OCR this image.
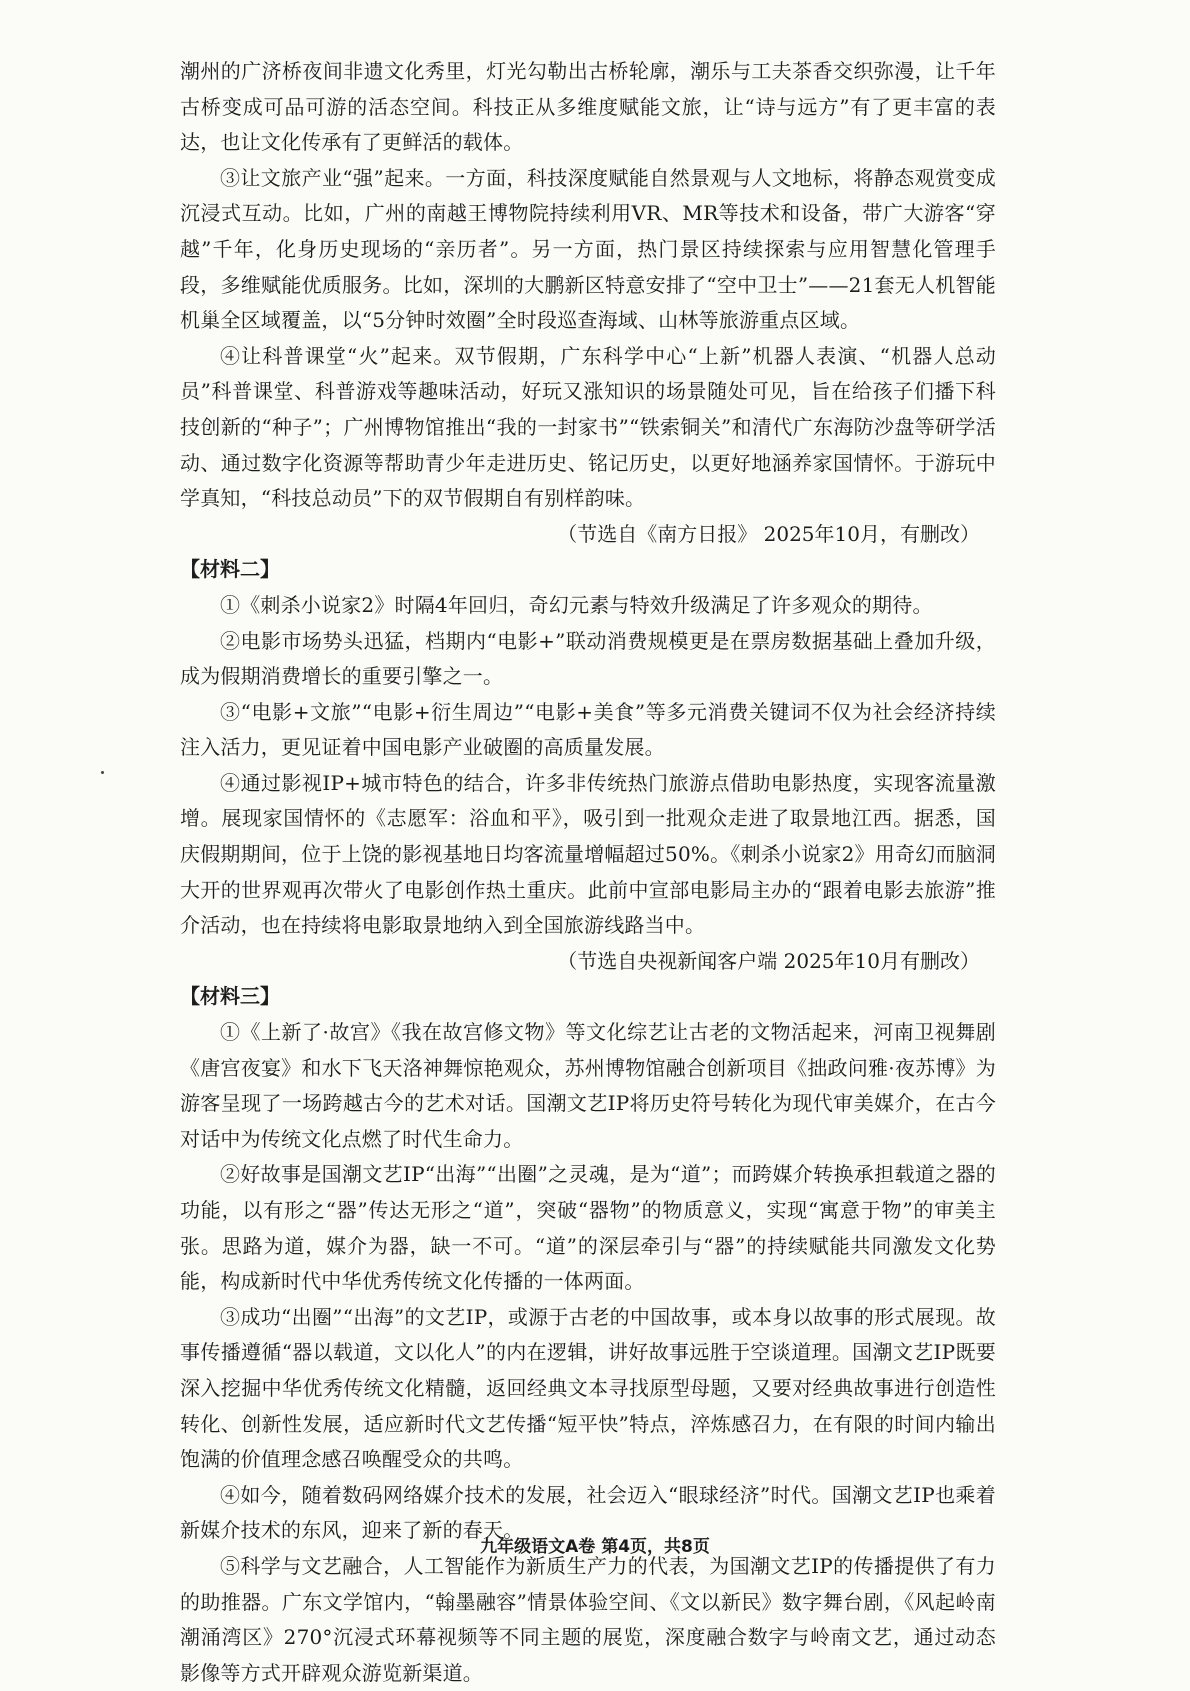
潮州的广济桥夜间非遗文化秀里，灯光勾勒出古桥轮廓，潮乐与工夫茶香交织弥漫，让千年古桥变成可品可游的活态空间。科技正从多维度赋能文旅，让“诗与远方”有了更丰富的表达，也让文化传承有了更鲜活的载体。

③让文旅产业“强”起来。一方面，科技深度赋能自然景观与人文地标，将静态观赏变成沉浸式互动。比如，广州的南越王博物院持续利用VR、MR等技术和设备，带广大游客“穿越”千年，化身历史现场的“亲历者”。另一方面，热门景区持续探索与应用智慧化管理手段，多维赋能优质服务。比如，深圳的大鹏新区特意安排了“空中卫士”——21套无人机智能机巢全区域覆盖，以“5分钟时效圈”全时段巡查海域、山林等旅游重点区域。

④让科普课堂“火”起来。双节假期，广东科学中心“上新”机器人表演、“机器人总动员”科普课堂、科普游戏等趣味活动，好玩又涨知识的场景随处可见，旨在给孩子们播下科技创新的“种子”；广州博物馆推出“我的一封家书”“铁索铜关”和清代广东海防沙盘等研学活动、通过数字化资源等帮助青少年走进历史、铭记历史，以更好地涵养家国情怀。于游玩中学真知，“科技总动员”下的双节假期自有别样韵味。

（节选自《南方日报》 2025年10月，有删改）

【材料二】

①《刺杀小说家2》时隔4年回归，奇幻元素与特效升级满足了许多观众的期待。

②电影市场势头迅猛，档期内“电影+”联动消费规模更是在票房数据基础上叠加升级，成为假期消费增长的重要引擎之一。

③“电影+文旅”“电影+衍生周边”“电影+美食”等多元消费关键词不仅为社会经济持续注入活力，更见证着中国电影产业破圈的高质量发展。

④通过影视IP+城市特色的结合，许多非传统热门旅游点借助电影热度，实现客流量激增。展现家国情怀的《志愿军：浴血和平》，吸引到一批观众走进了取景地江西。据悉，国庆假期期间，位于上饶的影视基地日均客流量增幅超过50%。《刺杀小说家2》用奇幻而脑洞大开的世界观再次带火了电影创作热土重庆。此前中宣部电影局主办的“跟着电影去旅游”推介活动，也在持续将电影取景地纳入到全国旅游线路当中。

（节选自央视新闻客户端 2025年10月有删改）

【材料三】

①《上新了·故宫》《我在故宫修文物》等文化综艺让古老的文物活起来，河南卫视舞剧《唐宫夜宴》和水下飞天洛神舞惊艳观众，苏州博物馆融合创新项目《拙政问雅·夜苏博》为游客呈现了一场跨越古今的艺术对话。国潮文艺IP将历史符号转化为现代审美媒介，在古今对话中为传统文化点燃了时代生命力。

②好故事是国潮文艺IP“出海”“出圈”之灵魂，是为“道”；而跨媒介转换承担载道之器的功能，以有形之“器”传达无形之“道”，突破“器物”的物质意义，实现“寓意于物”的审美主张。思路为道，媒介为器，缺一不可。“道”的深层牵引与“器”的持续赋能共同激发文化势能，构成新时代中华优秀传统文化传播的一体两面。

③成功“出圈”“出海”的文艺IP，或源于古老的中国故事，或本身以故事的形式展现。故事传播遵循“器以载道，文以化人”的内在逻辑，讲好故事远胜于空谈道理。国潮文艺IP既要深入挖掘中华优秀传统文化精髓，返回经典文本寻找原型母题，又要对经典故事进行创造性转化、创新性发展，适应新时代文艺传播“短平快”特点，淬炼感召力，在有限的时间内输出饱满的价值理念感召唤醒受众的共鸣。

④如今，随着数码网络媒介技术的发展，社会迈入“眼球经济”时代。国潮文艺IP也乘着新媒介技术的东风，迎来了新的春天。

⑤科学与文艺融合，人工智能作为新质生产力的代表，为国潮文艺IP的传播提供了有力的助推器。广东文学馆内，“翰墨融容”情景体验空间、《文以新民》数字舞台剧，《风起岭南 潮涌湾区》270°沉浸式环幕视频等不同主题的展览，深度融合数字与岭南文艺，通过动态影像等方式开辟观众游览新渠道。

九年级语文A卷 第4页，共8页
